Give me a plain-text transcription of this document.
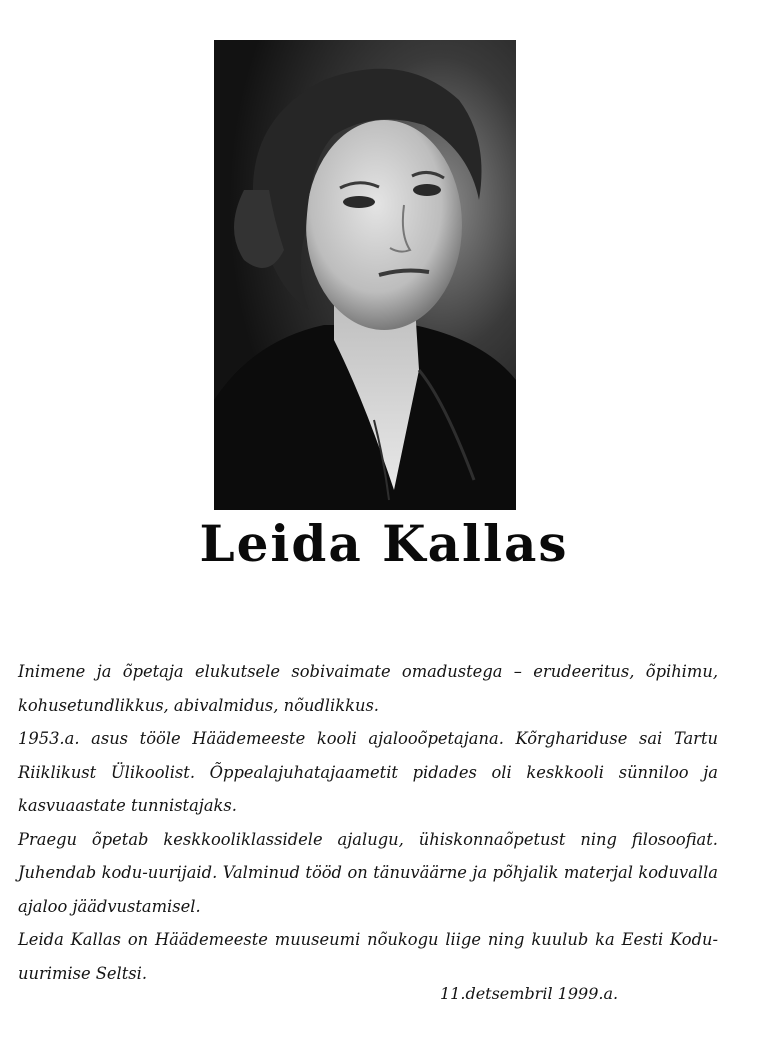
Leida Kallas

Inimene ja õpetaja elukutsele sobivaimate omadustega – erudeeritus, õpihimu, kohusetundlikkus, abivalmidus, nõudlikkus.

1953.a. asus tööle Häädemeeste kooli ajalooõpetajana. Kõrghariduse sai Tartu Riiklikust Ülikoolist. Õppealajuhatajaametit pidades oli keskkooli sünniloo ja kasvuaastate tunnistajaks.

Praegu õpetab keskkooliklassidele ajalugu, ühiskonnaõpetust ning filosoofiat. Juhendab kodu-uurijaid. Valminud tööd on tänuväärne ja põhjalik materjal koduvalla ajaloo jäädvustamisel.

Leida Kallas on Häädemeeste muuseumi nõukogu liige ning kuulub ka Eesti Kodu-uurimise Seltsi.

11.detsembril 1999.a.
